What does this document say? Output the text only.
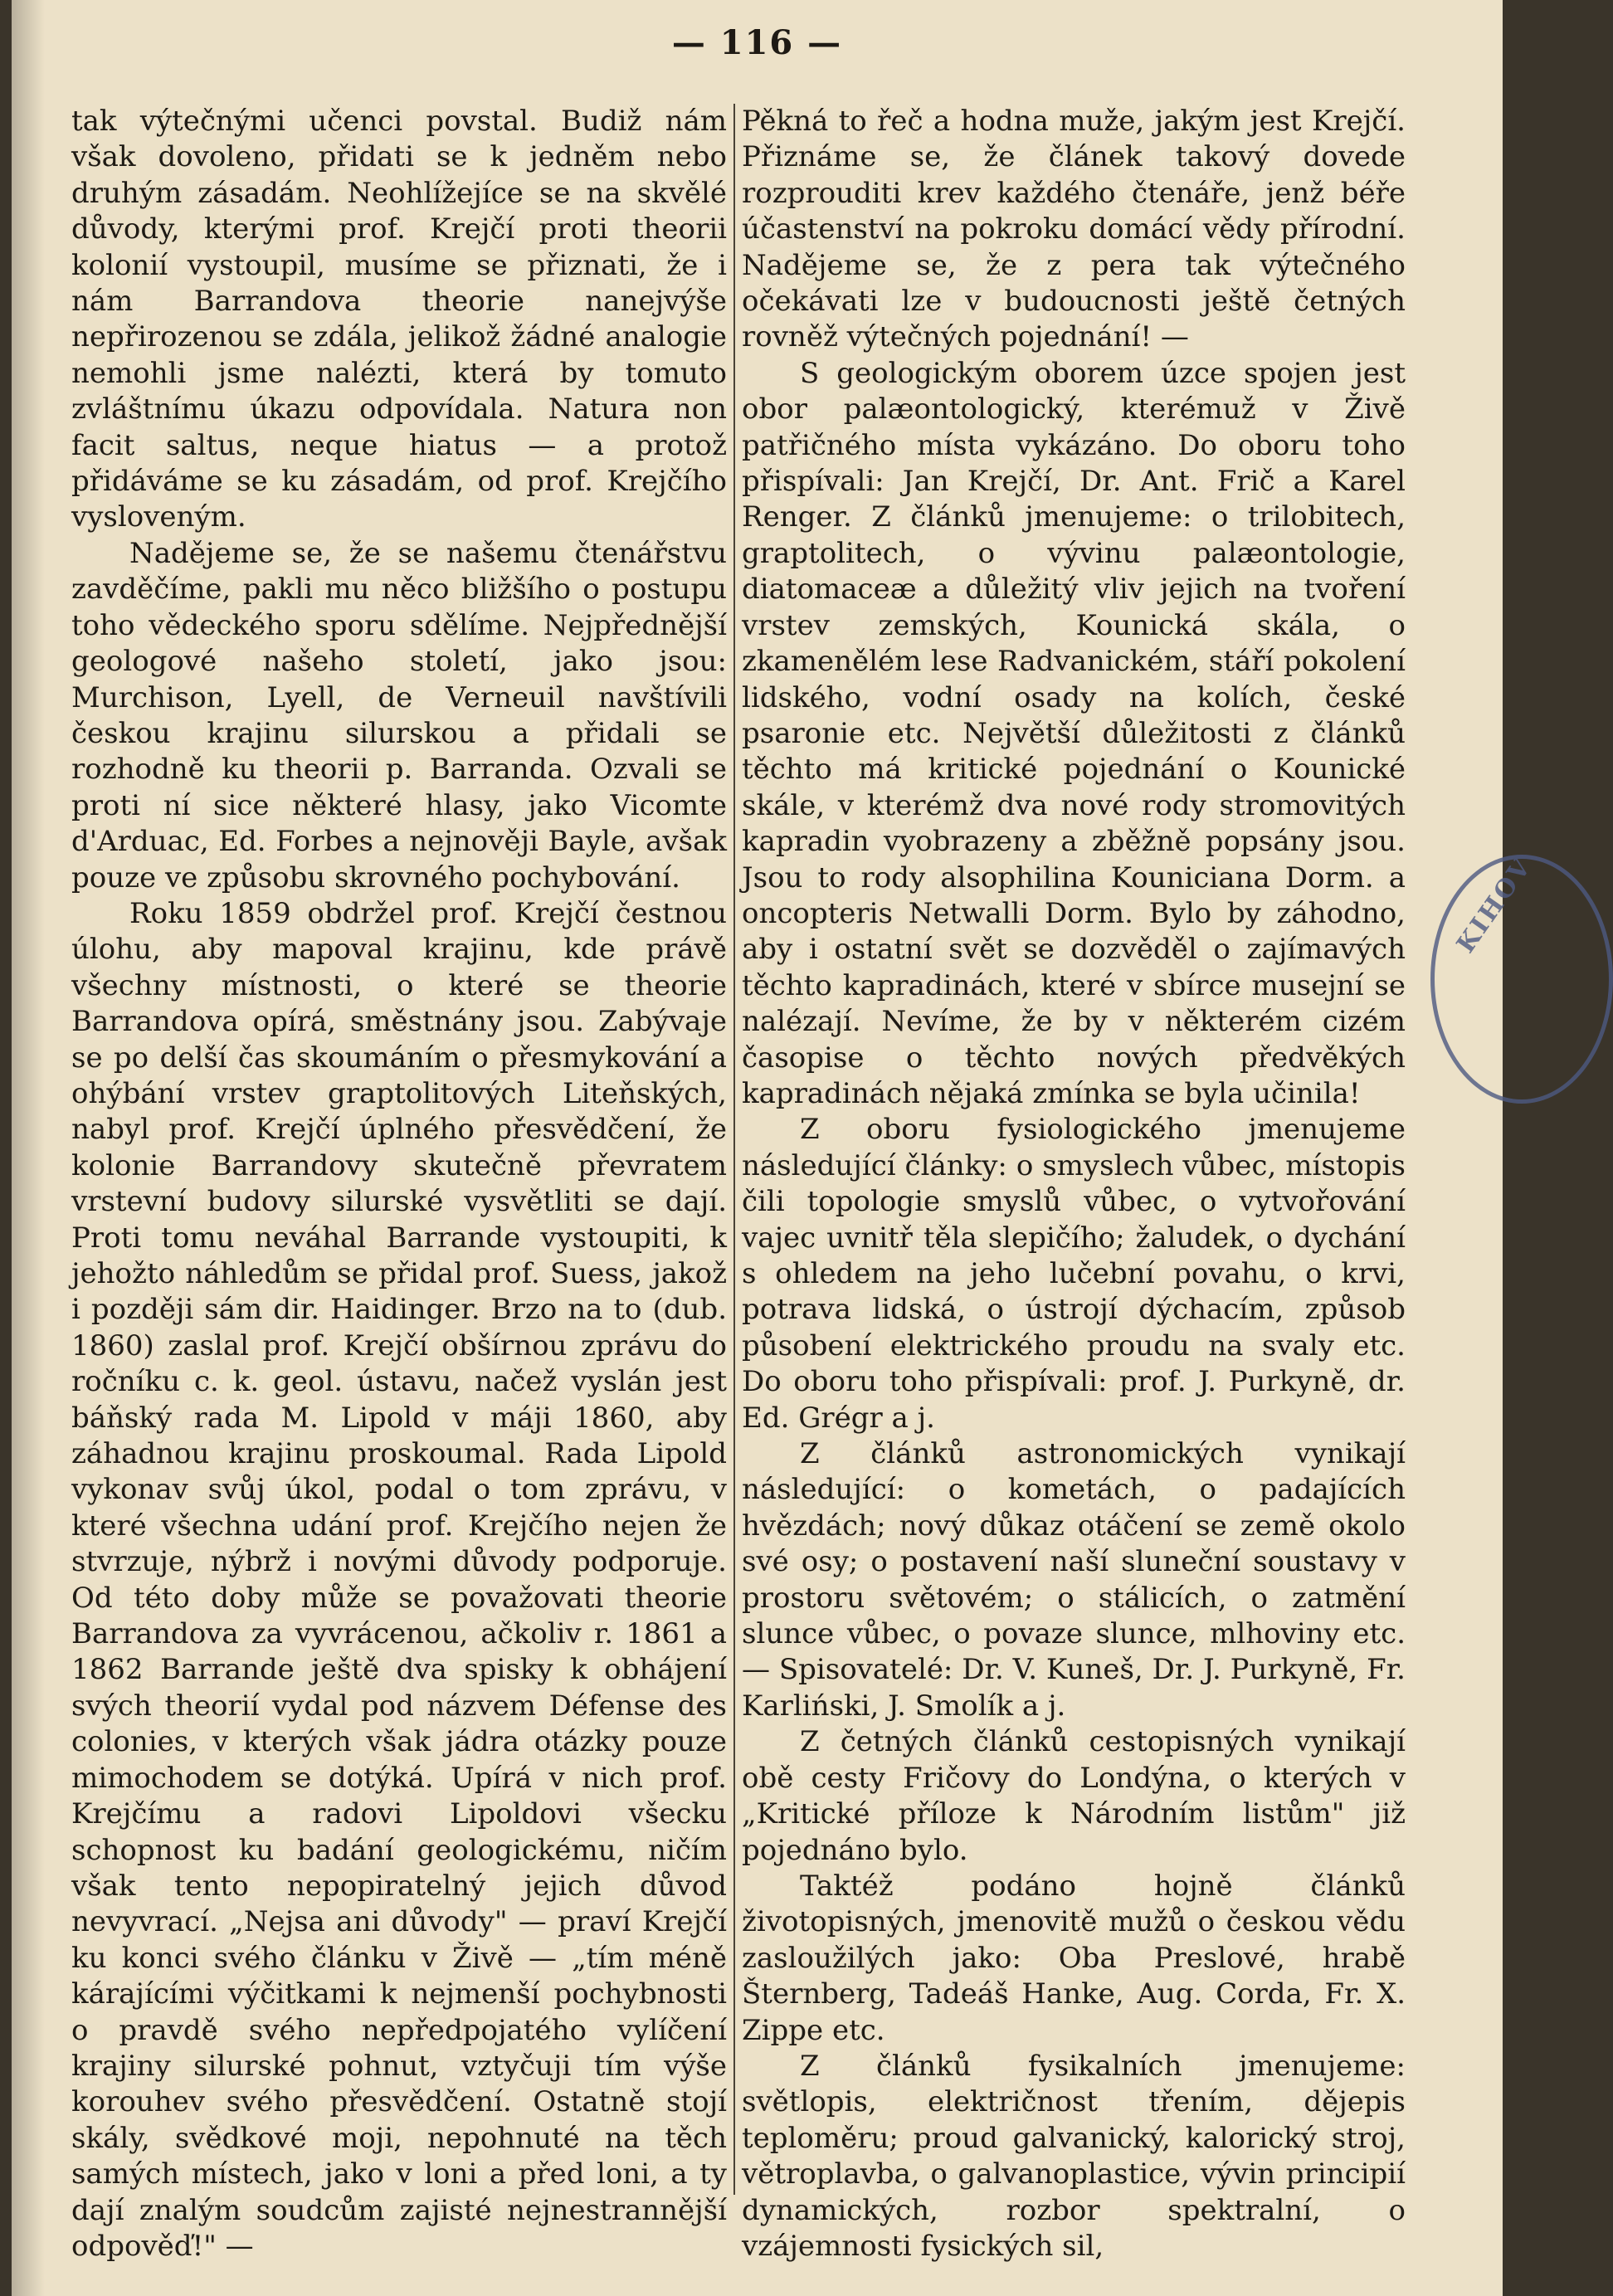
— 116 —

tak výtečnými učenci povstal. Budiž nám však dovoleno, přidati se k jedněm nebo druhým zásadám. Neohlížejíce se na skvělé důvody, kterými prof. Krejčí proti theorii kolonií vystoupil, musíme se přiznati, že i nám Barrandova theorie nanejvýše nepřirozenou se zdála, jelikož žádné analogie nemohli jsme nalézti, která by tomuto zvláštnímu úkazu odpovídala. Natura non facit saltus, neque hiatus — a protož přidáváme se ku zásadám, od prof. Krejčího vysloveným.

Nadějeme se, že se našemu čtenářstvu zavděčíme, pakli mu něco bližšího o postupu toho vědeckého sporu sdělíme. Nejpřednější geologové našeho století, jako jsou: Murchison, Lyell, de Verneuil navštívili českou krajinu silurskou a přidali se rozhodně ku theorii p. Barranda. Ozvali se proti ní sice některé hlasy, jako Vicomte d'Arduac, Ed. Forbes a nejnověji Bayle, avšak pouze ve způsobu skrovného pochybování.

Roku 1859 obdržel prof. Krejčí čestnou úlohu, aby mapoval krajinu, kde právě všechny místnosti, o které se theorie Barrandova opírá, směstnány jsou. Zabývaje se po delší čas skoumáním o přesmykování a ohýbání vrstev graptolitových Liteňských, nabyl prof. Krejčí úplného přesvědčení, že kolonie Barrandovy skutečně převratem vrstevní budovy silurské vysvětliti se dají. Proti tomu neváhal Barrande vystoupiti, k jehožto náhledům se přidal prof. Suess, jakož i později sám dir. Haidinger. Brzo na to (dub. 1860) zaslal prof. Krejčí obšírnou zprávu do ročníku c. k. geol. ústavu, načež vyslán jest báňský rada M. Lipold v máji 1860, aby záhadnou krajinu proskoumal. Rada Lipold vykonav svůj úkol, podal o tom zprávu, v které všechna udání prof. Krejčího nejen že stvrzuje, nýbrž i novými důvody podporuje. Od této doby může se považovati theorie Barrandova za vyvrácenou, ačkoliv r. 1861 a 1862 Barrande ještě dva spisky k obhájení svých theorií vydal pod názvem Défense des colonies, v kterých však jádra otázky pouze mimochodem se dotýká. Upírá v nich prof. Krejčímu a radovi Lipoldovi všecku schopnost ku badání geologickému, ničím však tento nepopiratelný jejich důvod nevyvrací. „Nejsa ani důvody" — praví Krejčí ku konci svého článku v Živě — „tím méně kárajícími výčitkami k nejmenší pochybnosti o pravdě svého nepředpojatého vylíčení krajiny silurské pohnut, vztyčuji tím výše korouhev svého přesvědčení. Ostatně stojí skály, svědkové moji, nepohnuté na těch samých místech, jako v loni a před loni, a ty dají znalým soudcům zajisté nejnestrannější odpověď!" —

Pěkná to řeč a hodna muže, jakým jest Krejčí. Přiznáme se, že článek takový dovede rozprouditi krev každého čtenáře, jenž béře účastenství na pokroku domácí vědy přírodní. Nadějeme se, že z pera tak výtečného očekávati lze v budoucnosti ještě četných rovněž výtečných pojednání! —

S geologickým oborem úzce spojen jest obor palæontologický, kterémuž v Živě patřičného místa vykázáno. Do oboru toho přispívali: Jan Krejčí, Dr. Ant. Frič a Karel Renger. Z článků jmenujeme: o trilobitech, graptolitech, o vývinu palæontologie, diatomaceæ a důležitý vliv jejich na tvoření vrstev zemských, Kounická skála, o zkamenělém lese Radvanickém, stáří pokolení lidského, vodní osady na kolích, české psaronie etc. Největší důležitosti z článků těchto má kritické pojednání o Kounické skále, v kterémž dva nové rody stromovitých kapradin vyobrazeny a zběžně popsány jsou. Jsou to rody alsophilina Kouniciana Dorm. a oncopteris Netwalli Dorm. Bylo by záhodno, aby i ostatní svět se dozvěděl o zajímavých těchto kapradinách, které v sbírce musejní se nalézají. Nevíme, že by v některém cizém časopise o těchto nových předvěkých kapradinách nějaká zmínka se byla učinila!

Z oboru fysiologického jmenujeme následující články: o smyslech vůbec, místopis čili topologie smyslů vůbec, o vytvořování vajec uvnitř těla slepičího; žaludek, o dychání s ohledem na jeho lučební povahu, o krvi, potrava lidská, o ústrojí dýchacím, způsob působení elektrického proudu na svaly etc. Do oboru toho přispívali: prof. J. Purkyně, dr. Ed. Grégr a j.

Z článků astronomických vynikají následující: o kometách, o padajících hvězdách; nový důkaz otáčení se země okolo své osy; o postavení naší sluneční soustavy v prostoru světovém; o stálicích, o zatmění slunce vůbec, o povaze slunce, mlhoviny etc. — Spisovatelé: Dr. V. Kuneš, Dr. J. Purkyně, Fr. Karliński, J. Smolík a j.

Z četných článků cestopisných vynikají obě cesty Fričovy do Londýna, o kterých v „Kritické příloze k Národním listům" již pojednáno bylo.

Taktéž podáno hojně článků životopisných, jmenovitě mužů o českou vědu zasloužilých jako: Oba Preslové, hrabě Šternberg, Tadeáš Hanke, Aug. Corda, Fr. X. Zippe etc.

Z článků fysikalních jmenujeme: světlopis, električnost třením, dějepis teploměru; proud galvanický, kalorický stroj, větroplavba, o galvanoplastice, vývin principií dynamických, rozbor spektralní, o vzájemnosti fysických sil,

KIHOV
